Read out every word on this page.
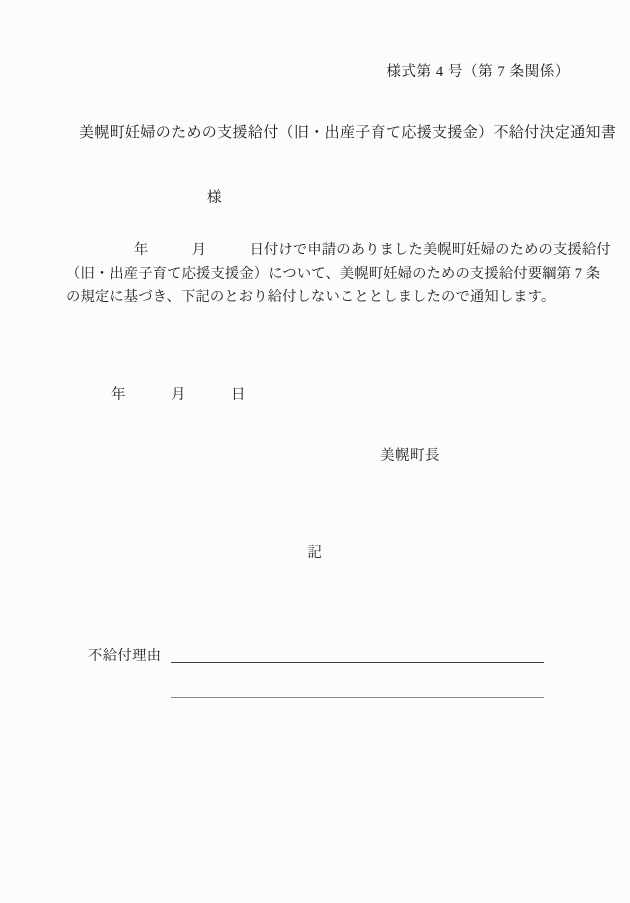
様式第 4 号（第 7 条関係）
美幌町妊婦のための支援給付（旧・出産子育て応援支援金）不給付決定通知書
様
年　　　月　　　日付けで申請のありました美幌町妊婦のための支援給付
（旧・出産子育て応援支援金）について、美幌町妊婦のための支援給付要綱第 7 条
の規定に基づき、下記のとおり給付しないこととしましたので通知します。
年　　　月　　　日
美幌町長
記
不給付理由
